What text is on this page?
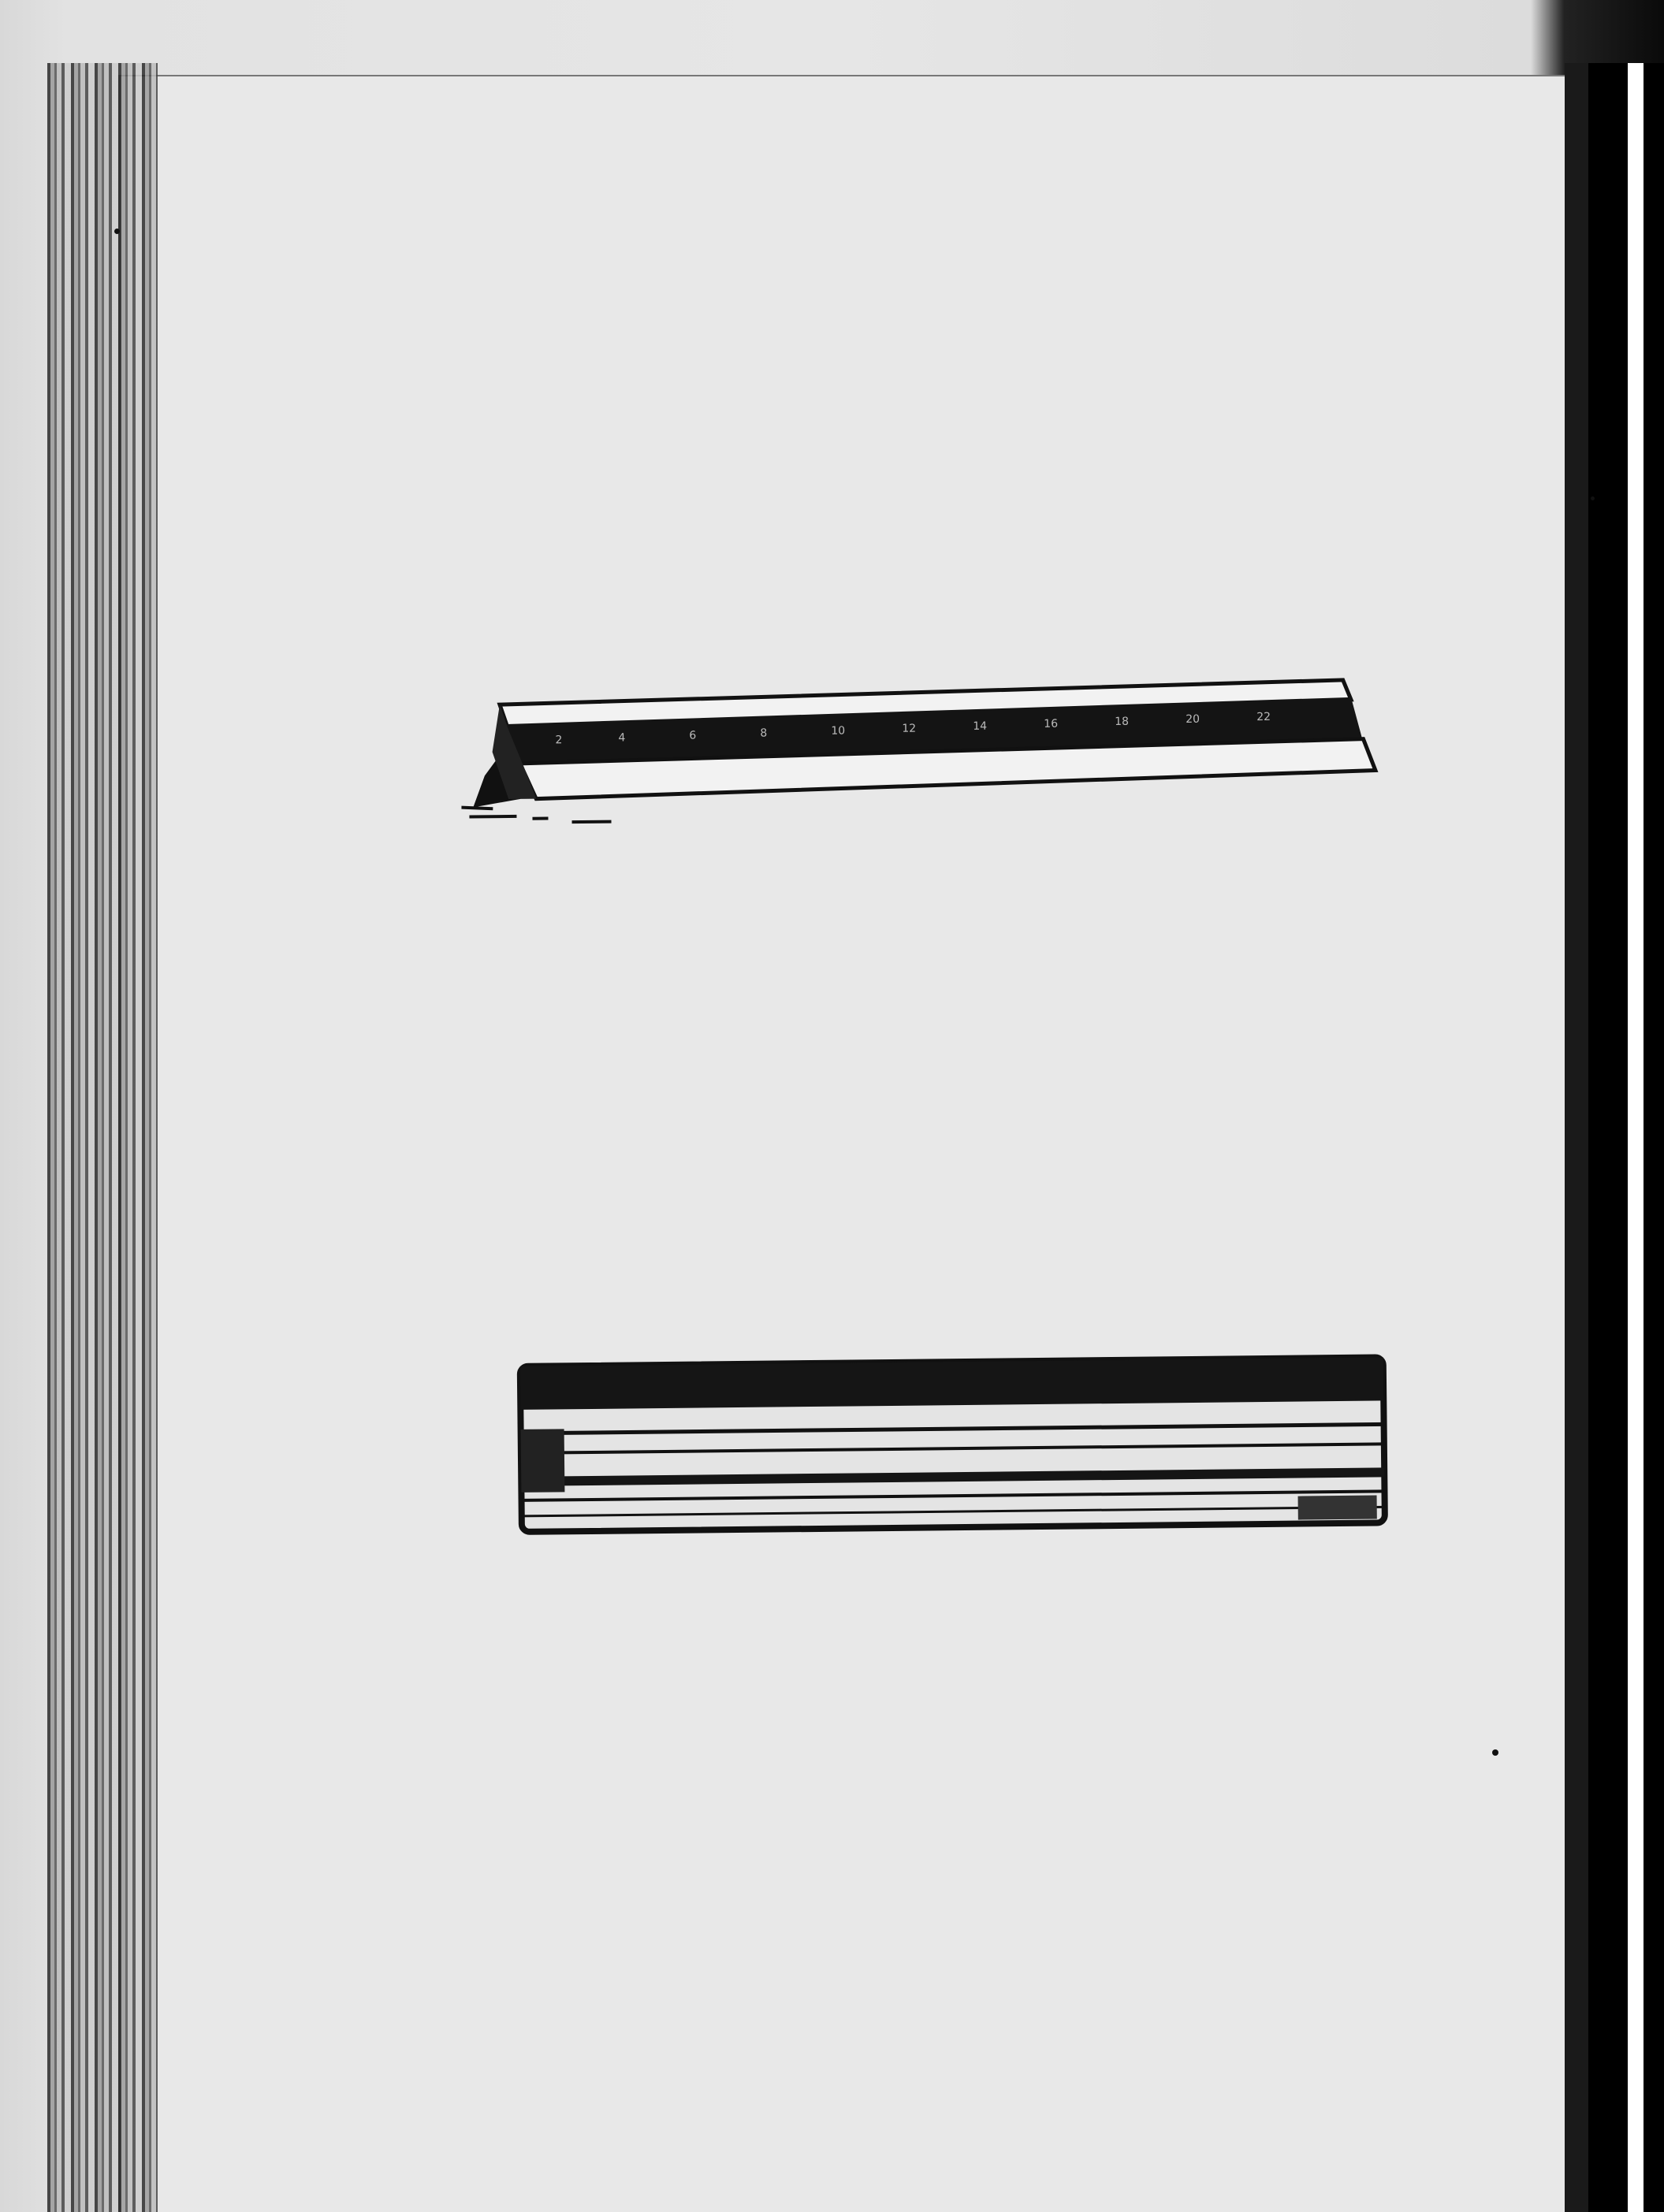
2	4	6	8	10	12	14	16	18	20	22
